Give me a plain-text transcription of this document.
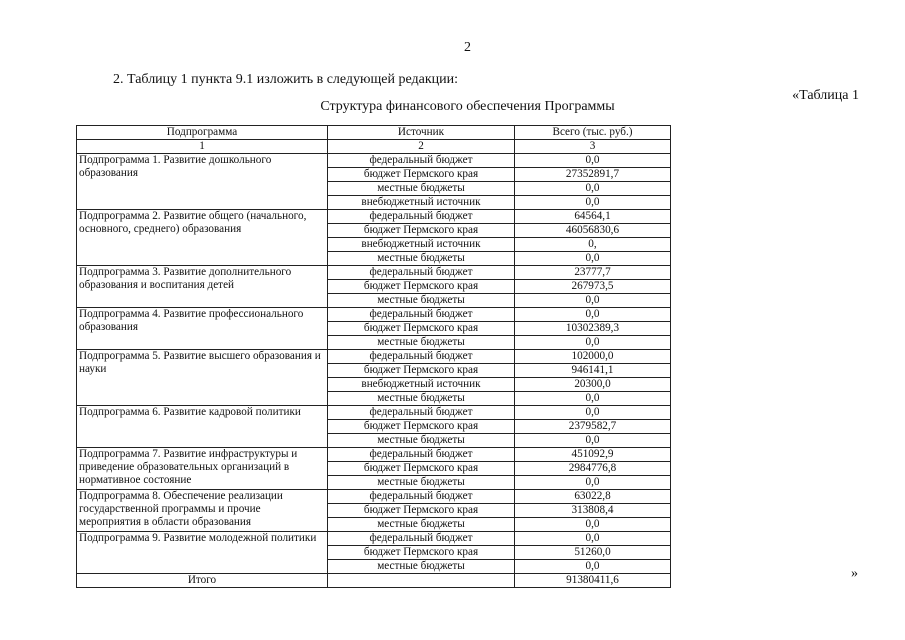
2
2. Таблицу 1 пункта 9.1 изложить в следующей редакции:
«Таблица 1
Структура финансового обеспечения Программы
Подпрограмма	Источник	Всего (тыс. руб.)
1	2	3
Подпрограмма 1. Развитие дошкольного образования	федеральный бюджет	0,0
	бюджет Пермского края	27352891,7
	местные бюджеты	0,0
	внебюджетный источник	0,0
Подпрограмма 2. Развитие общего (начального, основного, среднего) образования	федеральный бюджет	64564,1
	бюджет Пермского края	46056830,6
	внебюджетный источник	0,
	местные бюджеты	0,0
Подпрограмма 3. Развитие дополнительного образования и воспитания детей	федеральный бюджет	23777,7
	бюджет Пермского края	267973,5
	местные бюджеты	0,0
Подпрограмма 4. Развитие профессионального образования	федеральный бюджет	0,0
	бюджет Пермского края	10302389,3
	местные бюджеты	0,0
Подпрограмма 5. Развитие высшего образования и науки	федеральный бюджет	102000,0
	бюджет Пермского края	946141,1
	внебюджетный источник	20300,0
	местные бюджеты	0,0
Подпрограмма 6. Развитие кадровой политики	федеральный бюджет	0,0
	бюджет Пермского края	2379582,7
	местные бюджеты	0,0
Подпрограмма 7. Развитие инфраструктуры и приведение образовательных организаций в нормативное состояние	федеральный бюджет	451092,9
	бюджет Пермского края	2984776,8
	местные бюджеты	0,0
Подпрограмма 8. Обеспечение реализации государственной программы и прочие мероприятия в области образования	федеральный бюджет	63022,8
	бюджет Пермского края	313808,4
	местные бюджеты	0,0
Подпрограмма 9. Развитие молодежной политики	федеральный бюджет	0,0
	бюджет Пермского края	51260,0
	местные бюджеты	0,0
Итого		91380411,6	»
